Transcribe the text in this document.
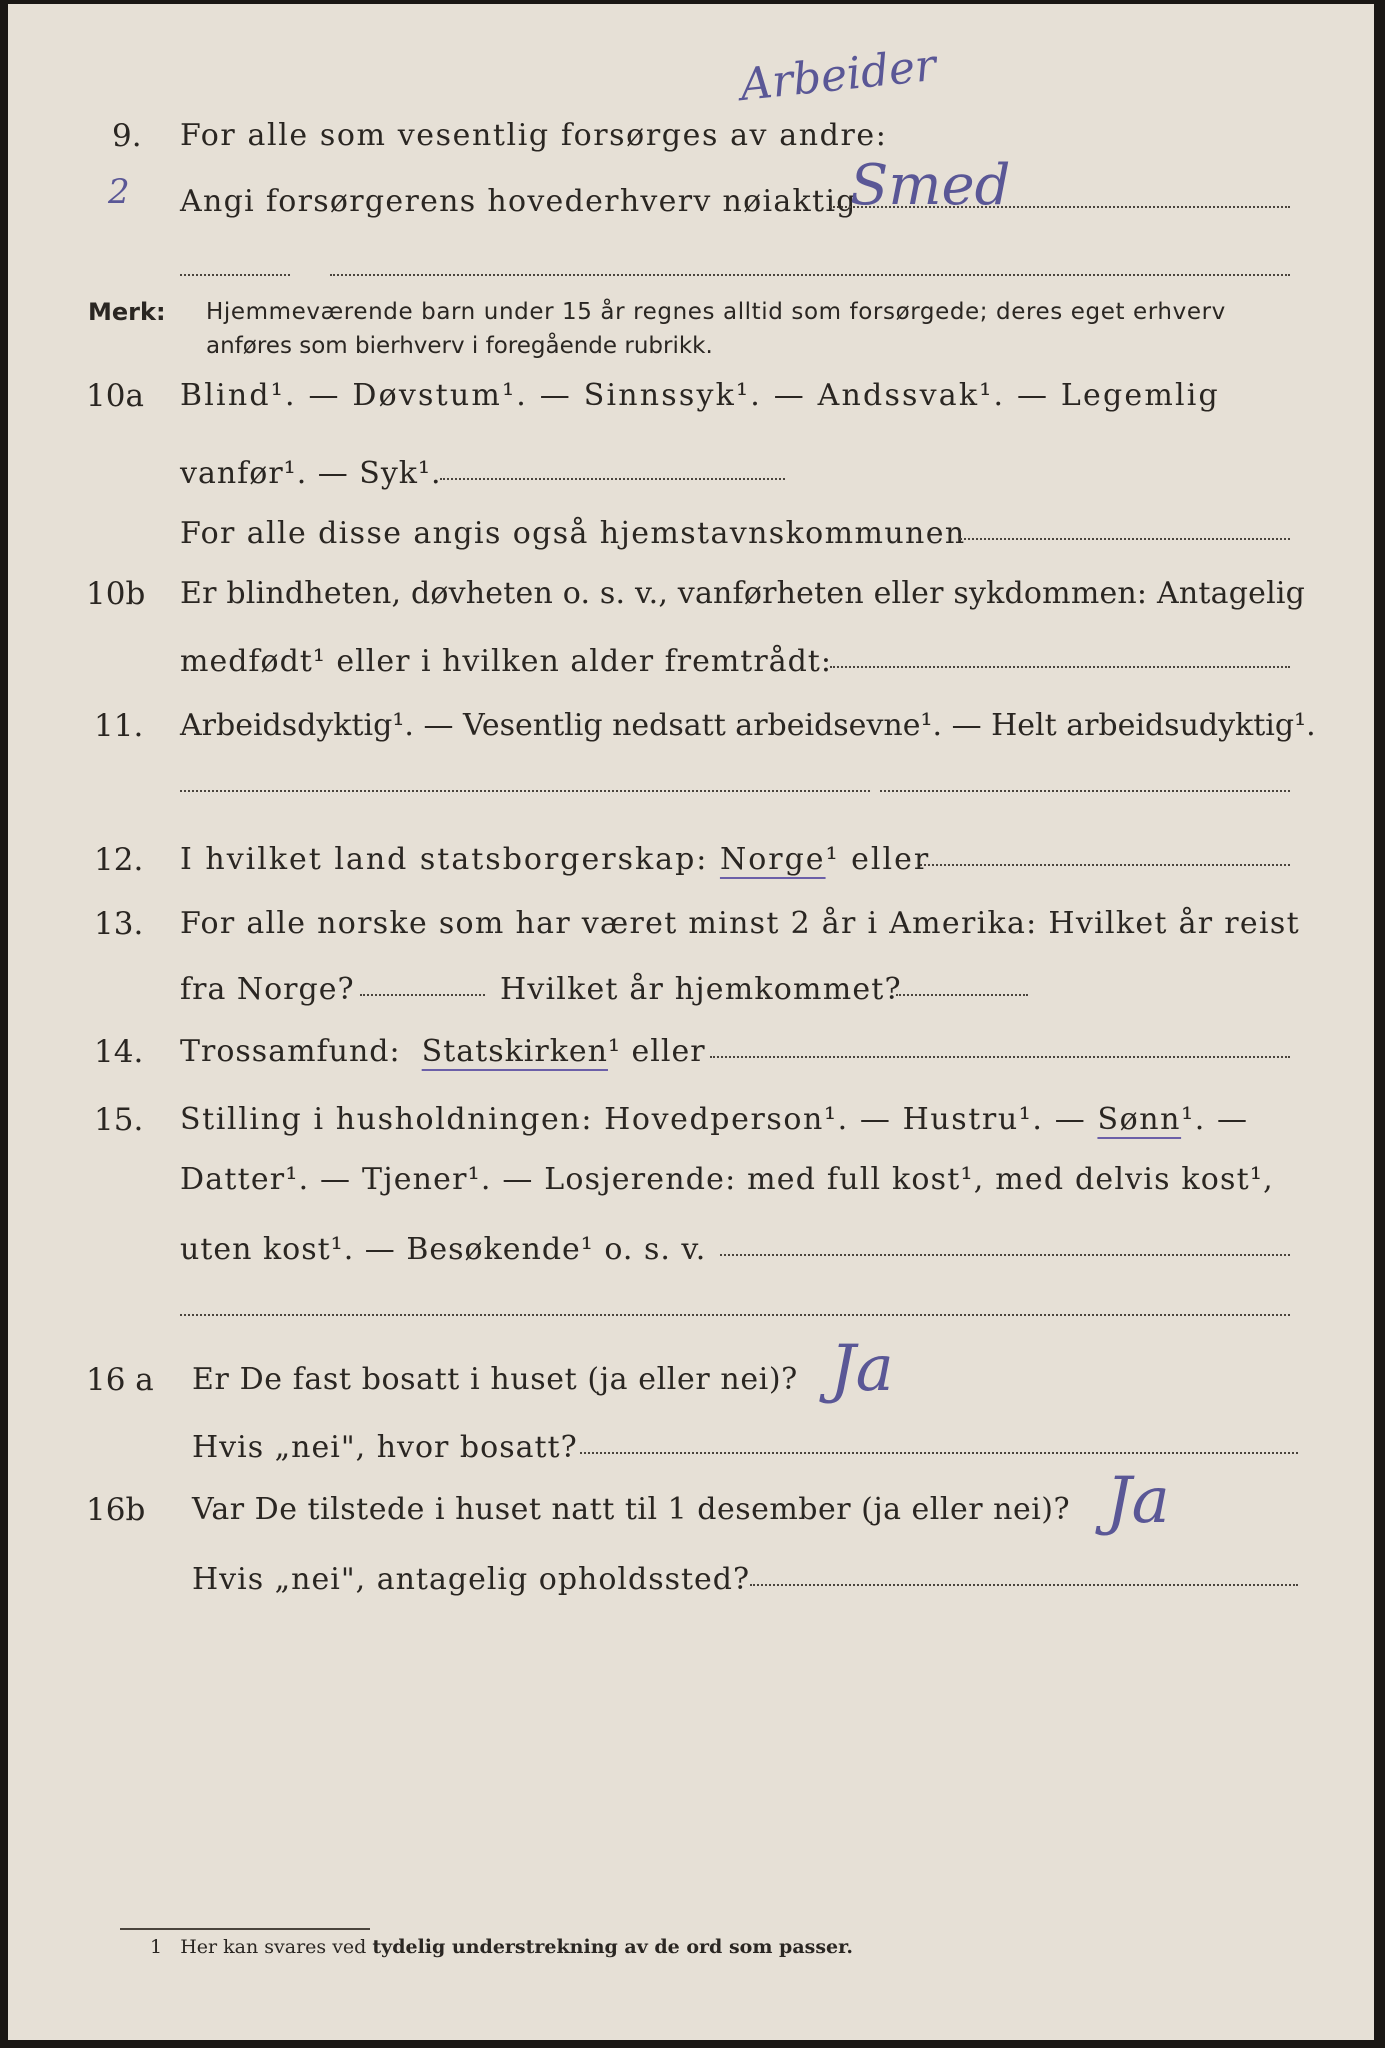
Arbeider
2
9. For alle som vesentlig forsørges av andre:
Angi forsørgerens hovederhverv nøiaktig
Smed
Merk: Hjemmeværende barn under 15 år regnes alltid som forsørgede; deres eget erhverv
anføres som bierhverv i foregående rubrikk.
10a Blind¹. — Døvstum¹. — Sinnssyk¹. — Andssvak¹. — Legemlig
vanfør¹. — Syk¹.
For alle disse angis også hjemstavnskommunen
10b Er blindheten, døvheten o. s. v., vanførheten eller sykdommen: Antagelig
medfødt¹ eller i hvilken alder fremtrådt:
11. Arbeidsdyktig¹. — Vesentlig nedsatt arbeidsevne¹. — Helt arbeidsudyktig¹.
12. I hvilket land statsborgerskap: Norge¹ eller
13. For alle norske som har været minst 2 år i Amerika: Hvilket år reist
fra Norge?	Hvilket år hjemkommet?
14. Trossamfund: Statskirken¹ eller
15. Stilling i husholdningen: Hovedperson¹. — Hustru¹. — Sønn¹. —
Datter¹. — Tjener¹. — Losjerende: med full kost¹, med delvis kost¹,
uten kost¹. — Besøkende¹ o. s. v.
16 a Er De fast bosatt i huset (ja eller nei)? Ja
Hvis „nei", hvor bosatt?
16b Var De tilstede i huset natt til 1 desember (ja eller nei)? Ja
Hvis „nei", antagelig opholdssted?
1 Her kan svares ved tydelig understrekning av de ord som passer.
